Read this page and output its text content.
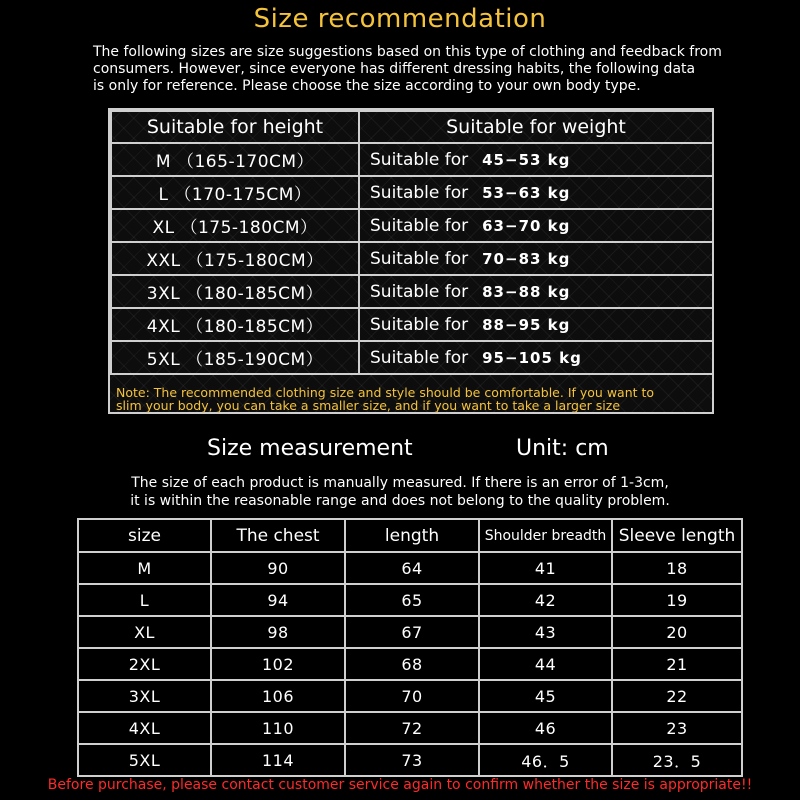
Size recommendation
The following sizes are size suggestions based on this type of clothing and feedback from
consumers. However, since everyone has different dressing habits, the following data
is only for reference. Please choose the size according to your own body type.
Suitable for height	Suitable for weight
M （165-170CM）	Suitable for 45−53 kg
L （170-175CM）	Suitable for 53−63 kg
XL （175-180CM）	Suitable for 63−70 kg
XXL （175-180CM）	Suitable for 70−83 kg
3XL （180-185CM）	Suitable for 83−88 kg
4XL （180-185CM）	Suitable for 88−95 kg
5XL （185-190CM）	Suitable for 95−105 kg
Note: The recommended clothing size and style should be comfortable. If you want to
slim your body, you can take a smaller size, and if you want to take a larger size
Size measurement	Unit: cm
The size of each product is manually measured. If there is an error of 1-3cm,
it is within the reasonable range and does not belong to the quality problem.
size	The chest	length	Shoulder breadth	Sleeve length
M	90	64	41	18
L	94	65	42	19
XL	98	67	43	20
2XL	102	68	44	21
3XL	106	70	45	22
4XL	110	72	46	23
5XL	114	73	46．5	23．5
Before purchase, please contact customer service again to confirm whether the size is appropriate!!
